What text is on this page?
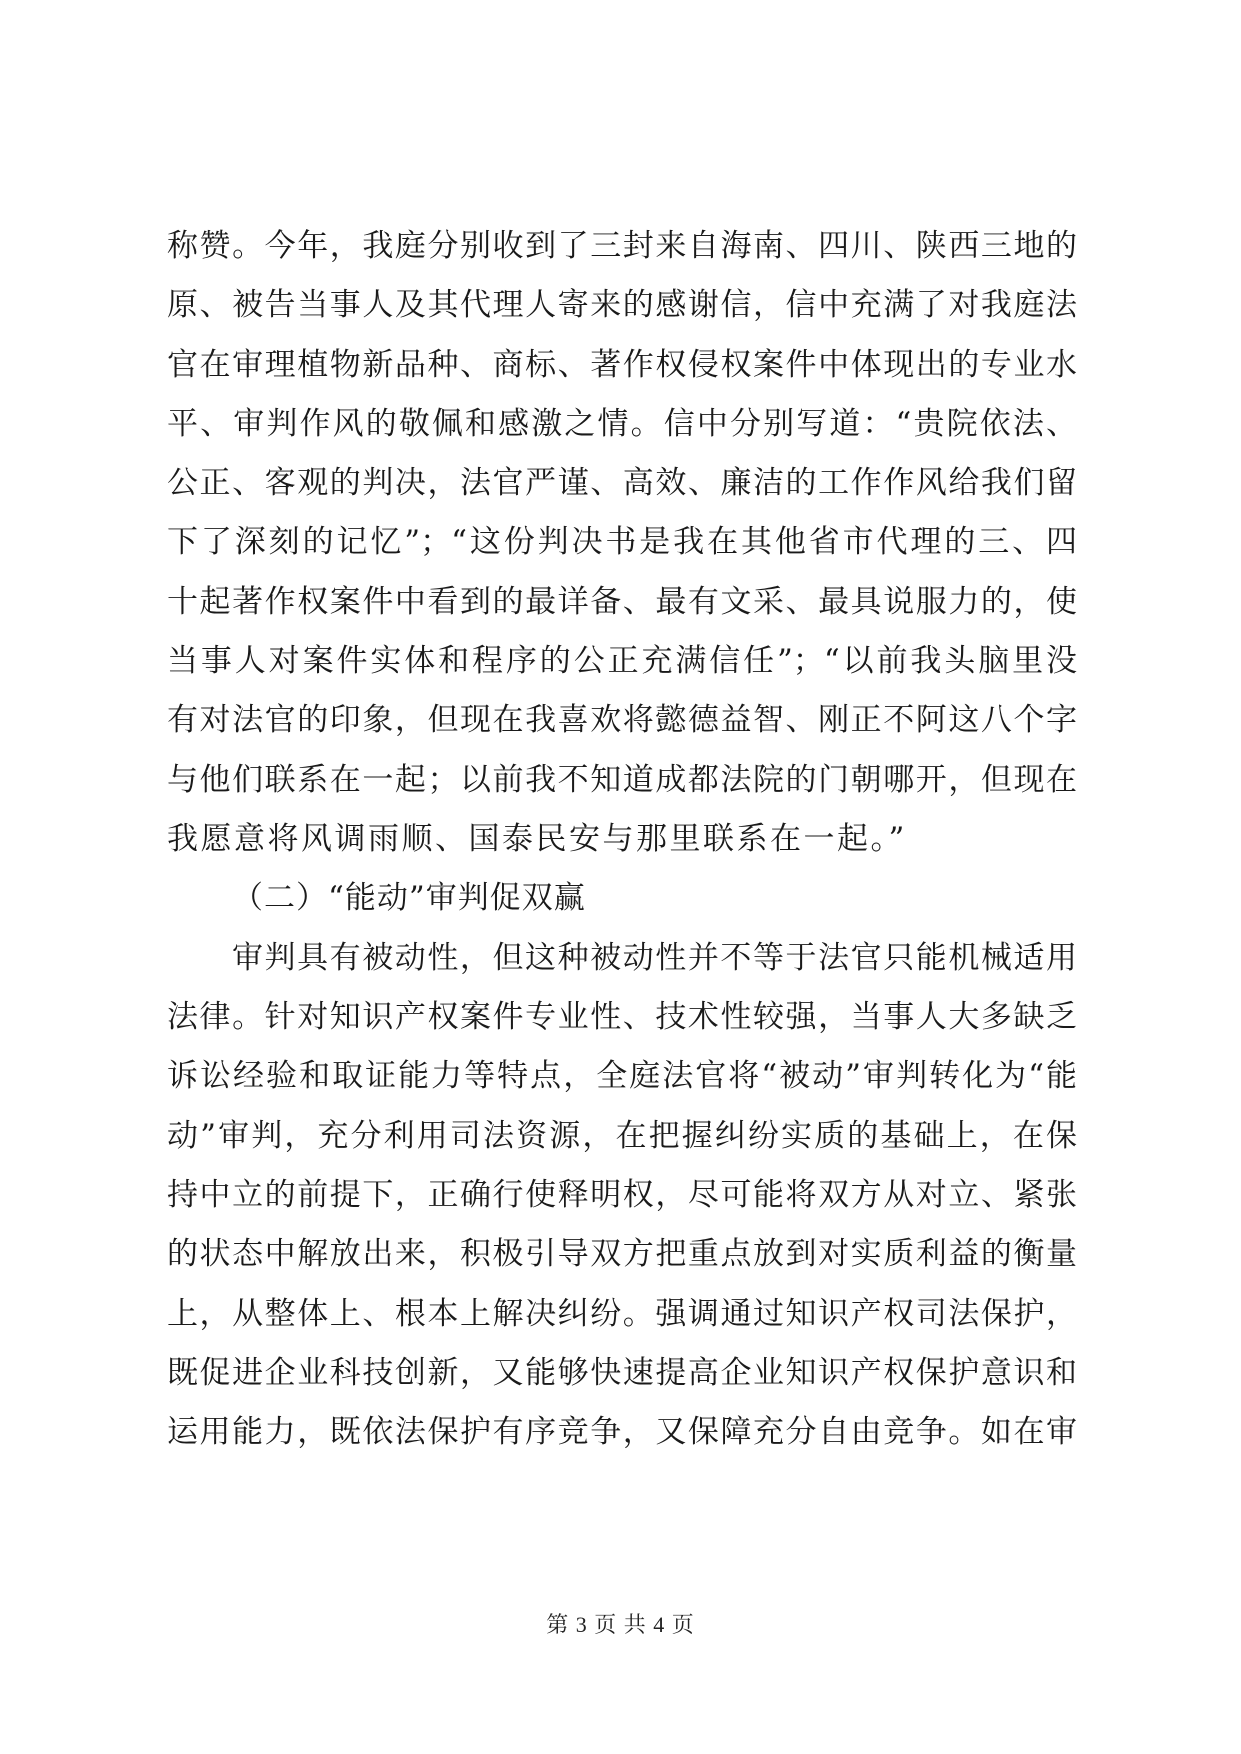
称赞。今年，我庭分别收到了三封来自海南、四川、陕西三地的
原、被告当事人及其代理人寄来的感谢信，信中充满了对我庭法
官在审理植物新品种、商标、著作权侵权案件中体现出的专业水
平、审判作风的敬佩和感激之情。信中分别写道：“贵院依法、
公正、客观的判决，法官严谨、高效、廉洁的工作作风给我们留
下了深刻的记忆”；“这份判决书是我在其他省市代理的三、四
十起著作权案件中看到的最详备、最有文采、最具说服力的，使
当事人对案件实体和程序的公正充满信任”；“以前我头脑里没
有对法官的印象，但现在我喜欢将懿德益智、刚正不阿这八个字
与他们联系在一起；以前我不知道成都法院的门朝哪开，但现在
我愿意将风调雨顺、国泰民安与那里联系在一起。”
（二）“能动”审判促双赢
审判具有被动性，但这种被动性并不等于法官只能机械适用
法律。针对知识产权案件专业性、技术性较强，当事人大多缺乏
诉讼经验和取证能力等特点，全庭法官将“被动”审判转化为“能
动”审判，充分利用司法资源，在把握纠纷实质的基础上，在保
持中立的前提下，正确行使释明权，尽可能将双方从对立、紧张
的状态中解放出来，积极引导双方把重点放到对实质利益的衡量
上，从整体上、根本上解决纠纷。强调通过知识产权司法保护，
既促进企业科技创新，又能够快速提高企业知识产权保护意识和
运用能力，既依法保护有序竞争，又保障充分自由竞争。如在审
第 3 页 共 4 页
